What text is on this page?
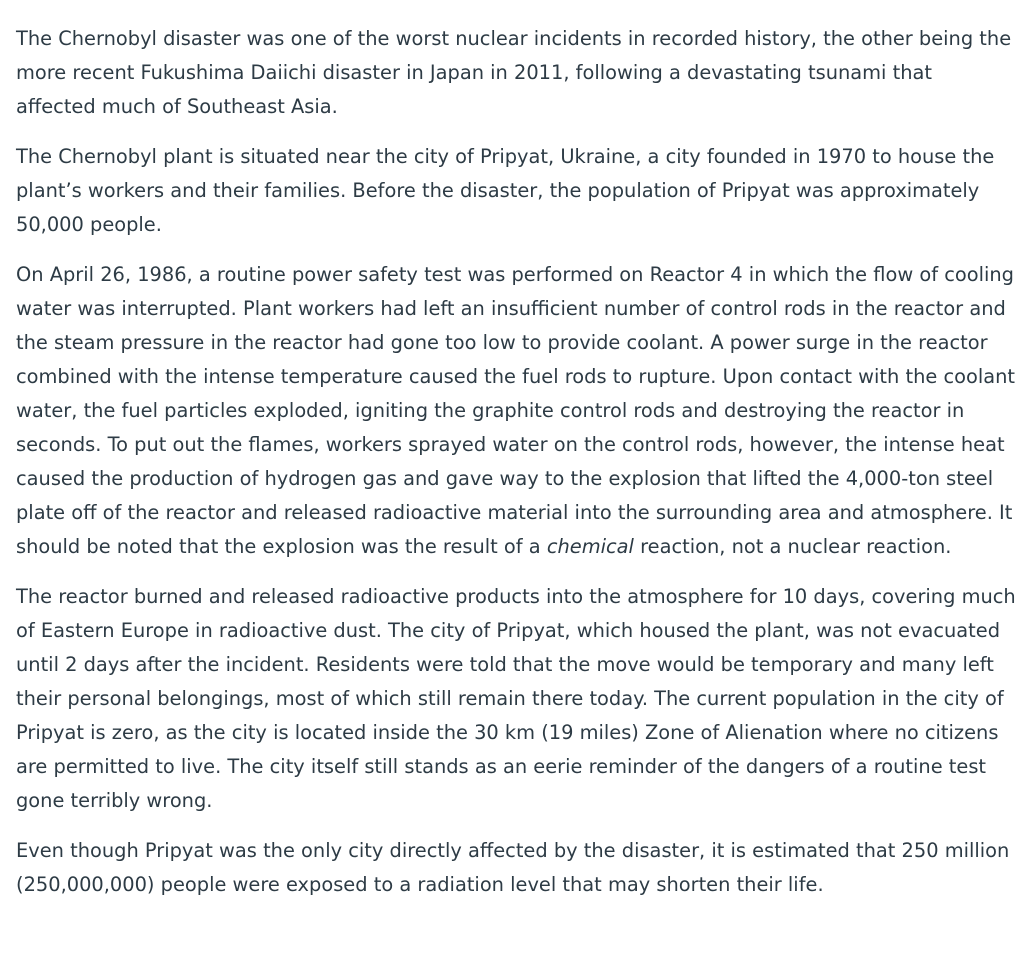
The Chernobyl disaster was one of the worst nuclear incidents in recorded history, the other being the more recent Fukushima Daiichi disaster in Japan in 2011, following a devastating tsunami that affected much of Southeast Asia.

The Chernobyl plant is situated near the city of Pripyat, Ukraine, a city founded in 1970 to house the plant’s workers and their families. Before the disaster, the population of Pripyat was approximately 50,000 people.

On April 26, 1986, a routine power safety test was performed on Reactor 4 in which the flow of cooling water was interrupted. Plant workers had left an insufficient number of control rods in the reactor and the steam pressure in the reactor had gone too low to provide coolant. A power surge in the reactor combined with the intense temperature caused the fuel rods to rupture. Upon contact with the coolant water, the fuel particles exploded, igniting the graphite control rods and destroying the reactor in seconds. To put out the flames, workers sprayed water on the control rods, however, the intense heat caused the production of hydrogen gas and gave way to the explosion that lifted the 4,000-ton steel plate off of the reactor and released radioactive material into the surrounding area and atmosphere. It should be noted that the explosion was the result of a chemical reaction, not a nuclear reaction.

The reactor burned and released radioactive products into the atmosphere for 10 days, covering much of Eastern Europe in radioactive dust. The city of Pripyat, which housed the plant, was not evacuated until 2 days after the incident. Residents were told that the move would be temporary and many left their personal belongings, most of which still remain there today. The current population in the city of Pripyat is zero, as the city is located inside the 30 km (19 miles) Zone of Alienation where no citizens are permitted to live. The city itself still stands as an eerie reminder of the dangers of a routine test gone terribly wrong.

Even though Pripyat was the only city directly affected by the disaster, it is estimated that 250 million (250,000,000) people were exposed to a radiation level that may shorten their life.
